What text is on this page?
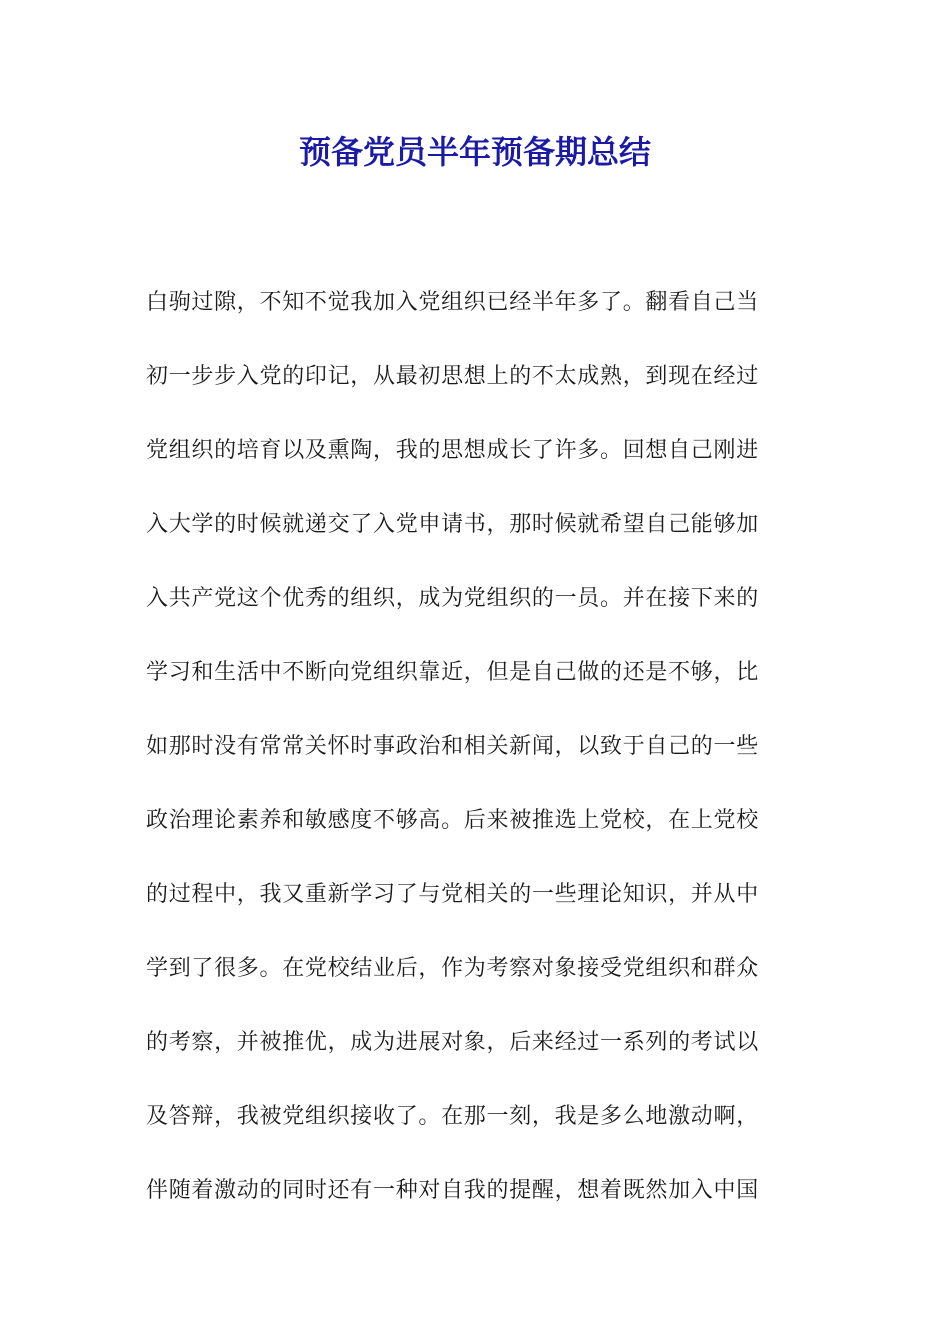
预备党员半年预备期总结
白驹过隙，不知不觉我加入党组织已经半年多了。翻看自己当
初一步步入党的印记，从最初思想上的不太成熟，到现在经过
党组织的培育以及熏陶，我的思想成长了许多。回想自己刚进
入大学的时候就递交了入党申请书，那时候就希望自己能够加
入共产党这个优秀的组织，成为党组织的一员。并在接下来的
学习和生活中不断向党组织靠近，但是自己做的还是不够，比
如那时没有常常关怀时事政治和相关新闻，以致于自己的一些
政治理论素养和敏感度不够高。后来被推选上党校，在上党校
的过程中，我又重新学习了与党相关的一些理论知识，并从中
学到了很多。在党校结业后，作为考察对象接受党组织和群众
的考察，并被推优，成为进展对象，后来经过一系列的考试以
及答辩，我被党组织接收了。在那一刻，我是多么地激动啊，
伴随着激动的同时还有一种对自我的提醒，想着既然加入中国
